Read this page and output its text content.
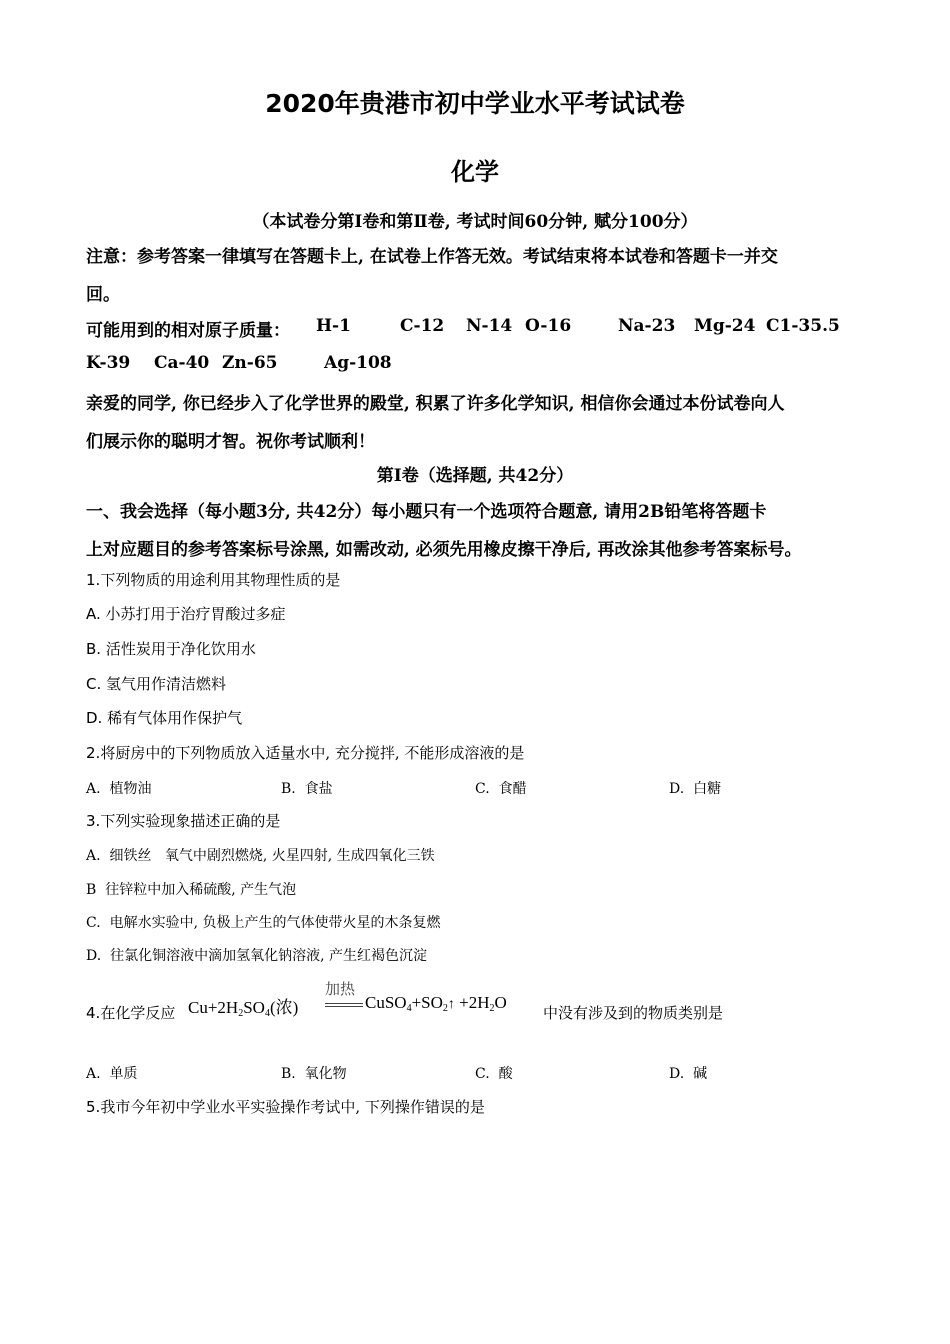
2020年贵港市初中学业水平考试试卷
化学
（本试卷分第Ⅰ卷和第Ⅱ卷, 考试时间60分钟, 赋分100分）
注意：参考答案一律填写在答题卡上, 在试卷上作答无效。考试结束将本试卷和答题卡一并交
回。
可能用到的相对原子质量： H-1	C-12 N-14 O-16	Na-23 Mg-24 C1-35.5
K-39 Ca-40 Zn-65	Ag-108
亲爱的同学, 你已经步入了化学世界的殿堂, 积累了许多化学知识, 相信你会通过本份试卷向人
们展示你的聪明才智。祝你考试顺利！
第Ⅰ卷（选择题, 共42分）
一、我会选择（每小题3分, 共42分）每小题只有一个选项符合题意, 请用2B铅笔将答题卡
上对应题目的参考答案标号涂黑, 如需改动, 必须先用橡皮擦干净后, 再改涂其他参考答案标号。
1.下列物质的用途利用其物理性质的是
A. 小苏打用于治疗胃酸过多症
B. 活性炭用于净化饮用水
C. 氢气用作清洁燃料
D. 稀有气体用作保护气
2.将厨房中的下列物质放入适量水中, 充分搅拌, 不能形成溶液的是
A. 植物油	B. 食盐	C. 食醋	D. 白糖
3.下列实验现象描述正确的是
A. 细铁丝   氧气中剧烈燃烧, 火星四射, 生成四氧化三铁
B 往锌粒中加入稀硫酸, 产生气泡
C. 电解水实验中, 负极上产生的气体使带火星的木条复燃
D. 往氯化铜溶液中滴加氢氧化钠溶液, 产生红褐色沉淀
4.在化学反应 $Cu+2H_2SO_4$(浓)
加热
$CuSO_4+SO_2↑ +2H_2O$
中没有涉及到的物质类别是
A. 单质	B. 氧化物	C. 酸	D. 碱
5.我市今年初中学业水平实验操作考试中, 下列操作错误的是
